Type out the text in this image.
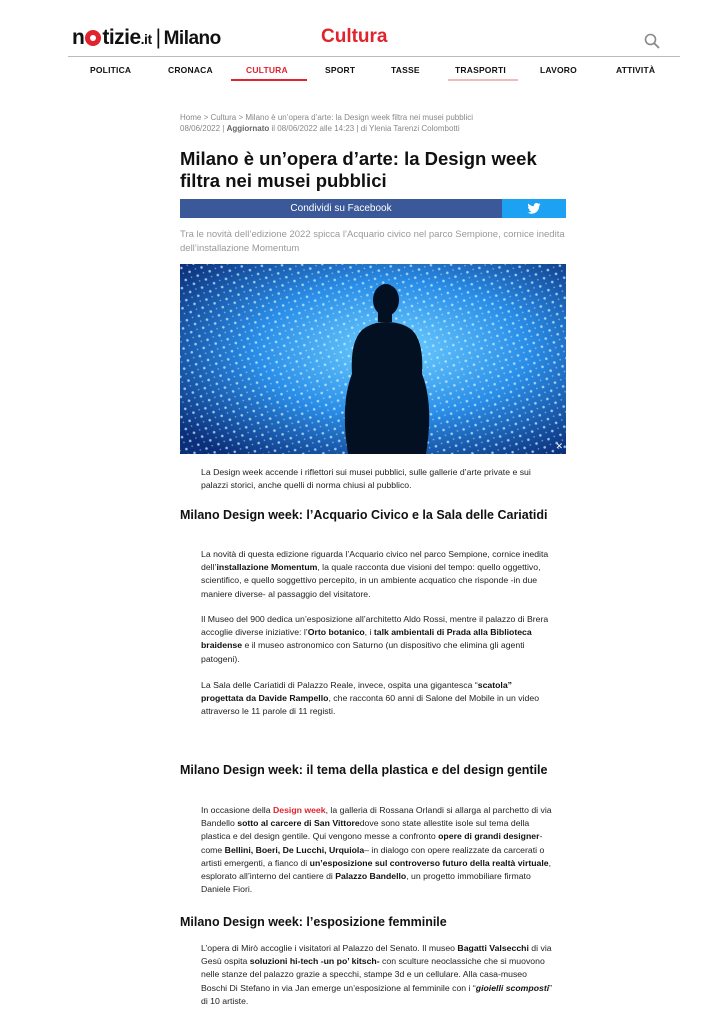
n tizie.it | Milano	Cultura
POLITICA	CRONACA	CULTURA	SPORT	TASSE	TRASPORTI	LAVORO	ATTIVITÀ
Home > Cultura > Milano è un’opera d’arte: la Design week filtra nei musei pubblici
08/06/2022 | Aggiornato il 08/06/2022 alle 14:23 | di Ylenia Tarenzi Colombotti
Milano è un’opera d’arte: la Design week filtra nei musei pubblici
Condividi su Facebook
Tra le novità dell’edizione 2022 spicca l’Acquario civico nel parco Sempione, cornice inedita dell’installazione Momentum
✕
La Design week accende i riflettori sui musei pubblici, sulle gallerie d’arte private e sui palazzi storici, anche quelli di norma chiusi al pubblico.
Milano Design week: l’Acquario Civico e la Sala delle Cariatidi
La novità di questa edizione riguarda l’Acquario civico nel parco Sempione, cornice inedita dell’installazione Momentum, la quale racconta due visioni del tempo: quello oggettivo, scientifico, e quello soggettivo percepito, in un ambiente acquatico che risponde -in due maniere diverse- al passaggio del visitatore.
Il Museo del 900 dedica un’esposizione all’architetto Aldo Rossi, mentre il palazzo di Brera accoglie diverse iniziative: l’Orto botanico, i talk ambientali di Prada alla Biblioteca braidense e il museo astronomico con Saturno (un dispositivo che elimina gli agenti patogeni).
La Sala delle Cariatidi di Palazzo Reale, invece, ospita una gigantesca “scatola” progettata da Davide Rampello, che racconta 60 anni di Salone del Mobile in un video attraverso le 11 parole di 11 registi.
Milano Design week: il tema della plastica e del design gentile
In occasione della Design week, la galleria di Rossana Orlandi si allarga al parchetto di via Bandello sotto al carcere di San Vittoredove sono state allestite isole sul tema della plastica e del design gentile. Qui vengono messe a confronto opere di grandi designer-come Bellini, Boeri, De Lucchi, Urquiola– in dialogo con opere realizzate da carcerati o artisti emergenti, a fianco di un’esposizione sul controverso futuro della realtà virtuale, esplorato all’interno del cantiere di Palazzo Bandello, un progetto immobiliare firmato Daniele Fiori.
Milano Design week: l’esposizione femminile
L’opera di Mirò accoglie i visitatori al Palazzo del Senato. Il museo Bagatti Valsecchi di via Gesù ospita soluzioni hi-tech -un po’ kitsch- con sculture neoclassiche che si muovono nelle stanze del palazzo grazie a specchi, stampe 3d e un cellulare. Alla casa-museo Boschi Di Stefano in via Jan emerge un’esposizione al femminile con i “gioielli scomposti” di 10 artiste.
